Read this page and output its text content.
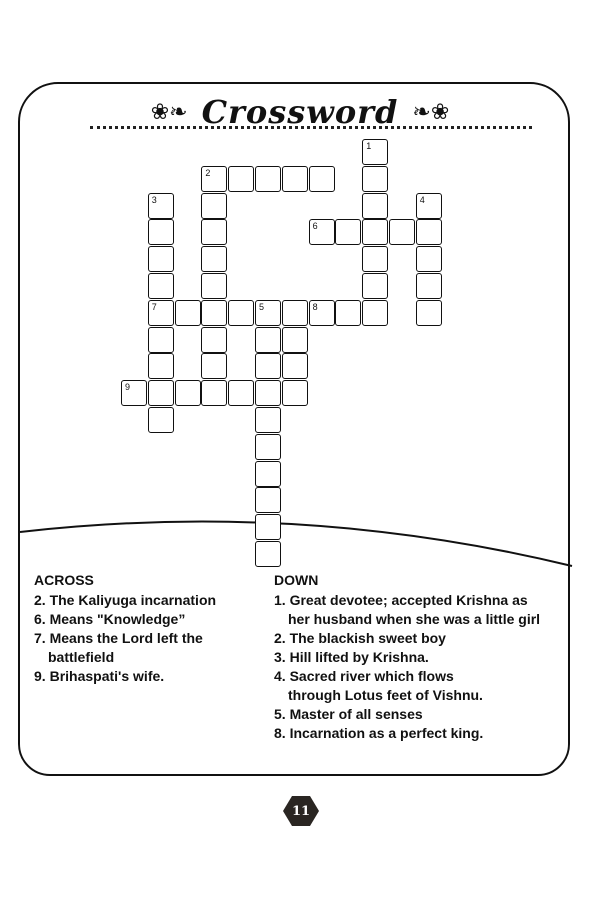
❀❧ Crossword ❧❀
1
2
3
7
4
6
5	8
9
ACROSS
2. The Kaliyuga incarnation
6. Means "Knowledge”
7. Means the Lord left the
battlefield
9. Brihaspati's wife.
DOWN
1. Great devotee; accepted Krishna as
her husband when she was a little girl
2. The blackish sweet boy
3. Hill lifted by Krishna.
4. Sacred river which flows
through Lotus feet of Vishnu.
5. Master of all senses
8. Incarnation as a perfect king.
11
